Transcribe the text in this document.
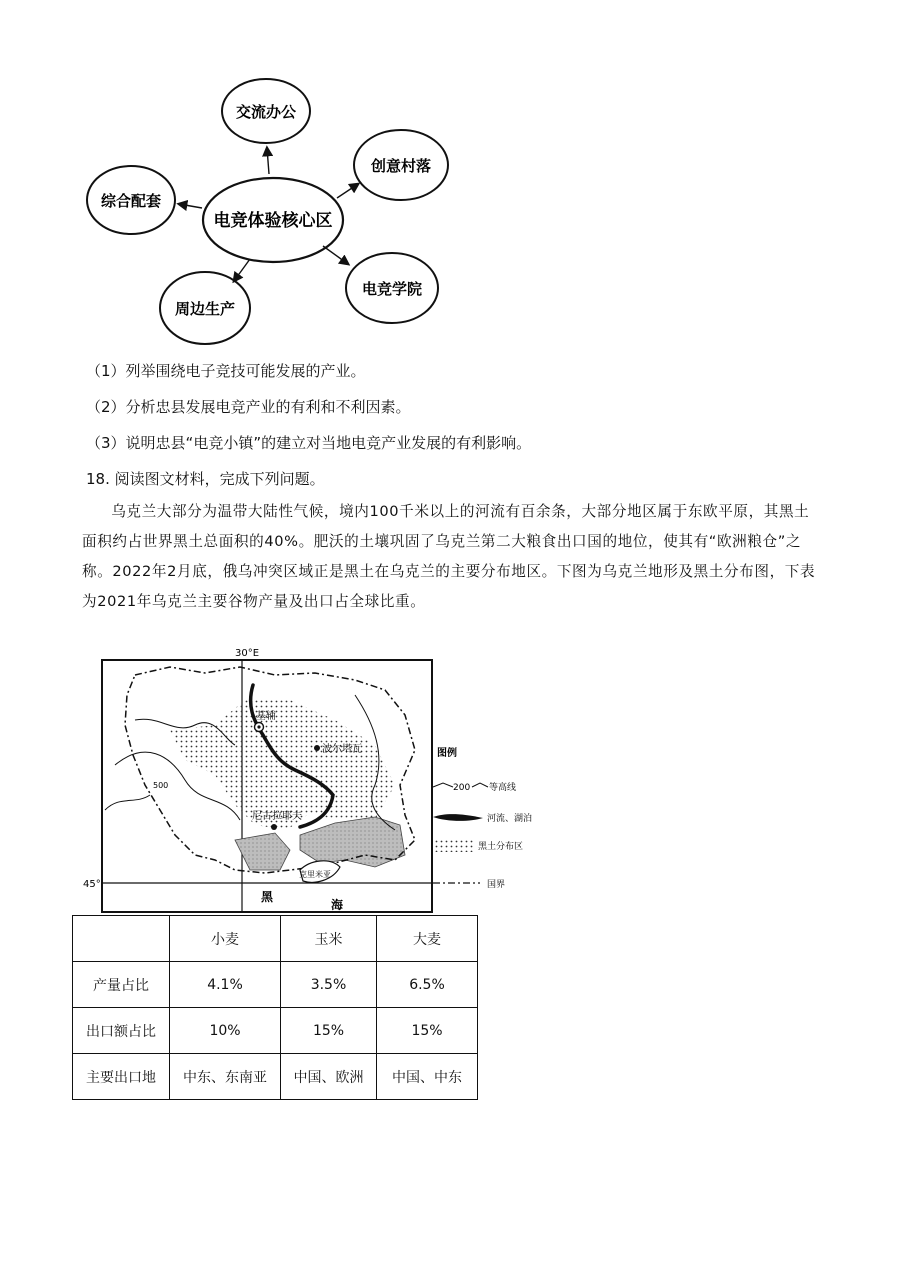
电竞体验核心区
交流办公
创意村落
电竞学院
周边生产
综合配套
（1）列举围绕电子竞技可能发展的产业。
（2）分析忠县发展电竞产业的有利和不利因素。
（3）说明忠县“电竞小镇”的建立对当地电竞产业发展的有利影响。
18. 阅读图文材料，完成下列问题。
乌克兰大部分为温带大陆性气候，境内100千米以上的河流有百余条，大部分地区属于东欧平原，其黑土面积约占世界黑土总面积的40%。肥沃的土壤巩固了乌克兰第二大粮食出口国的地位，使其有“欧洲粮仓”之称。2022年2月底，俄乌冲突区域正是黑土在乌克兰的主要分布地区。下图为乌克兰地形及黑土分布图，下表为2021年乌克兰主要谷物产量及出口占全球比重。
500
基辅
波尔塔瓦
尼古拉耶夫
克里米亚
黑
海
30°E
45°
图例
200 等高线
河流、湖泊
黑土分布区
国界
	小麦	玉米	大麦
产量占比	4.1%	3.5%	6.5%
出口额占比	10%	15%	15%
主要出口地	中东、东南亚	中国、欧洲	中国、中东
